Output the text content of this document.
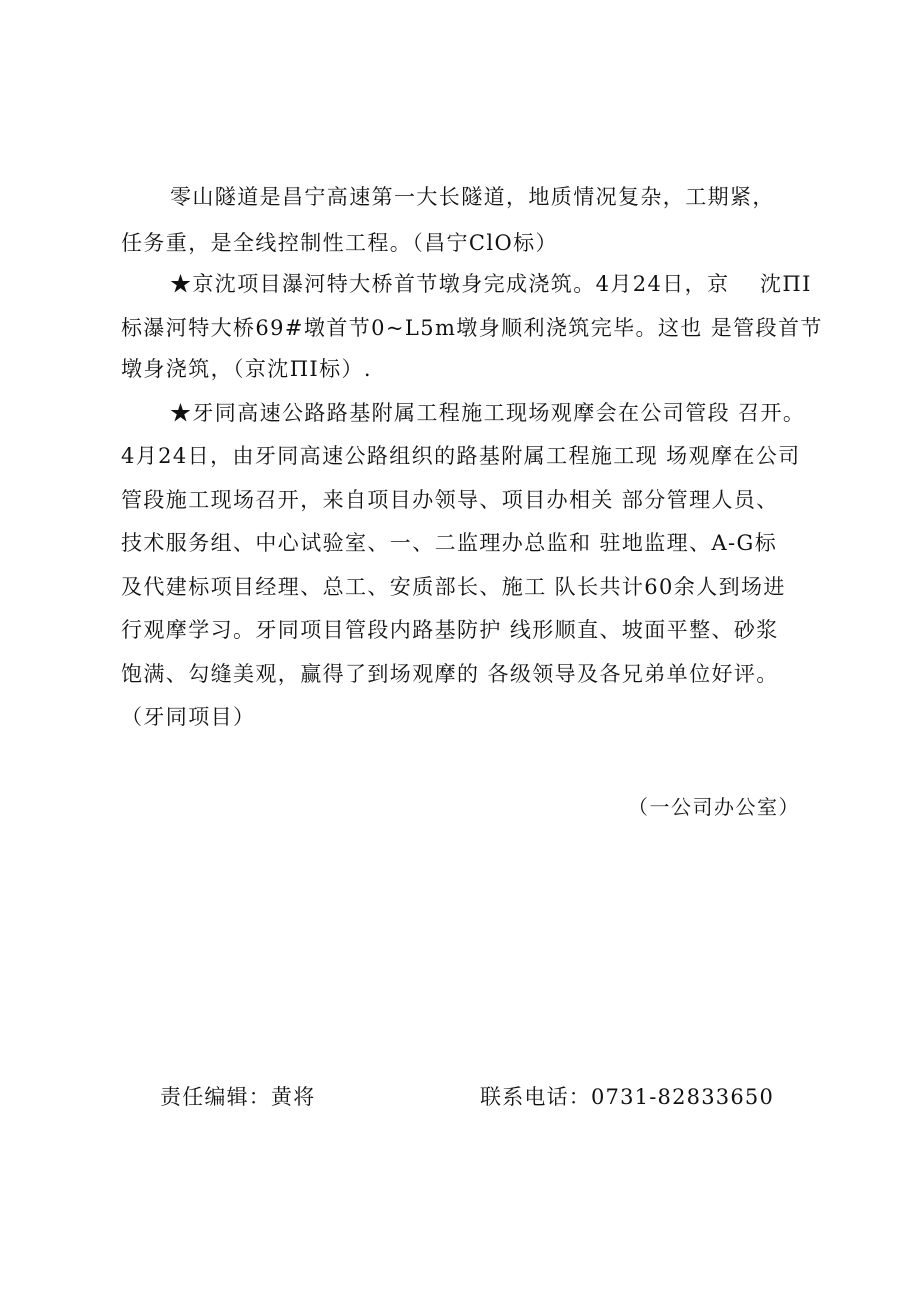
零山隧道是昌宁高速第一大长隧道，地质情况复杂，工期紧，
任务重，是全线控制性工程。（昌宁ClO标）
★京沈项目瀑河特大桥首节墩身完成浇筑。4月24日，京　 沈ΠI
标瀑河特大桥69#墩首节0~L5m墩身顺利浇筑完毕。这也 是管段首节
墩身浇筑，（京沈ΠI标）.
★牙同高速公路路基附属工程施工现场观摩会在公司管段 召开。
4月24日，由牙同高速公路组织的路基附属工程施工现 场观摩在公司
管段施工现场召开，来自项目办领导、项目办相关 部分管理人员、
技术服务组、中心试验室、一、二监理办总监和 驻地监理、A-G标
及代建标项目经理、总工、安质部长、施工 队长共计60余人到场进
行观摩学习。牙同项目管段内路基防护 线形顺直、坡面平整、砂浆
饱满、勾缝美观，赢得了到场观摩的 各级领导及各兄弟单位好评。
（牙同项目）
（一公司办公室）
责任编辑：黄将	联系电话：0731-82833650
